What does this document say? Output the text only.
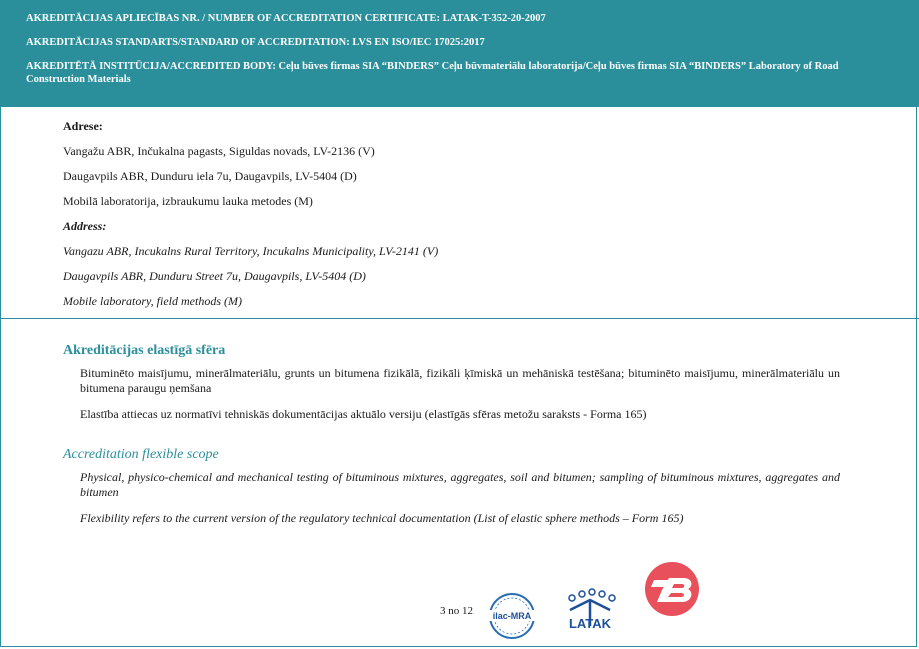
AKREDITĀCIJAS APLIECĪBAS NR. / NUMBER OF ACCREDITATION CERTIFICATE: LATAK-T-352-20-2007
AKREDITĀCIJAS STANDARTS/STANDARD OF ACCREDITATION: LVS EN ISO/IEC 17025:2017
AKREDITĒTĀ INSTITŪCIJA/ACCREDITED BODY: Ceļu būves firmas SIA “BINDERS” Ceļu būvmateriālu laboratorija/Ceļu būves firmas SIA “BINDERS” Laboratory of Road
Construction Materials
Adrese:
Vangažu ABR, Inčukalna pagasts, Siguldas novads, LV-2136 (V)
Daugavpils ABR, Dunduru iela 7u, Daugavpils, LV-5404 (D)
Mobilā laboratorija, izbraukumu lauka metodes (M)
Address:
Vangazu ABR, Incukalns Rural Territory, Incukalns Municipality, LV-2141 (V)
Daugavpils ABR, Dunduru Street 7u, Daugavpils, LV-5404 (D)
Mobile laboratory, field methods (M)
Akreditācijas elastīgā sfēra
Bituminēto maisījumu, minerālmateriālu, grunts un bitumena fizikālā, fizikāli ķīmiskā un mehāniskā testēšana; bituminēto maisījumu, minerālmateriālu un bitumena paraugu ņemšana
Elastība attiecas uz normatīvi tehniskās dokumentācijas aktuālo versiju (elastīgās sfēras metožu saraksts - Forma 165)
Accreditation flexible scope
Physical, physico-chemical and mechanical testing of bituminous mixtures, aggregates, soil and bitumen; sampling of bituminous mixtures, aggregates and bitumen
Flexibility refers to the current version of the regulatory technical documentation (List of elastic sphere methods – Form 165)
3 no 12 ilac-MRA	LATAK
